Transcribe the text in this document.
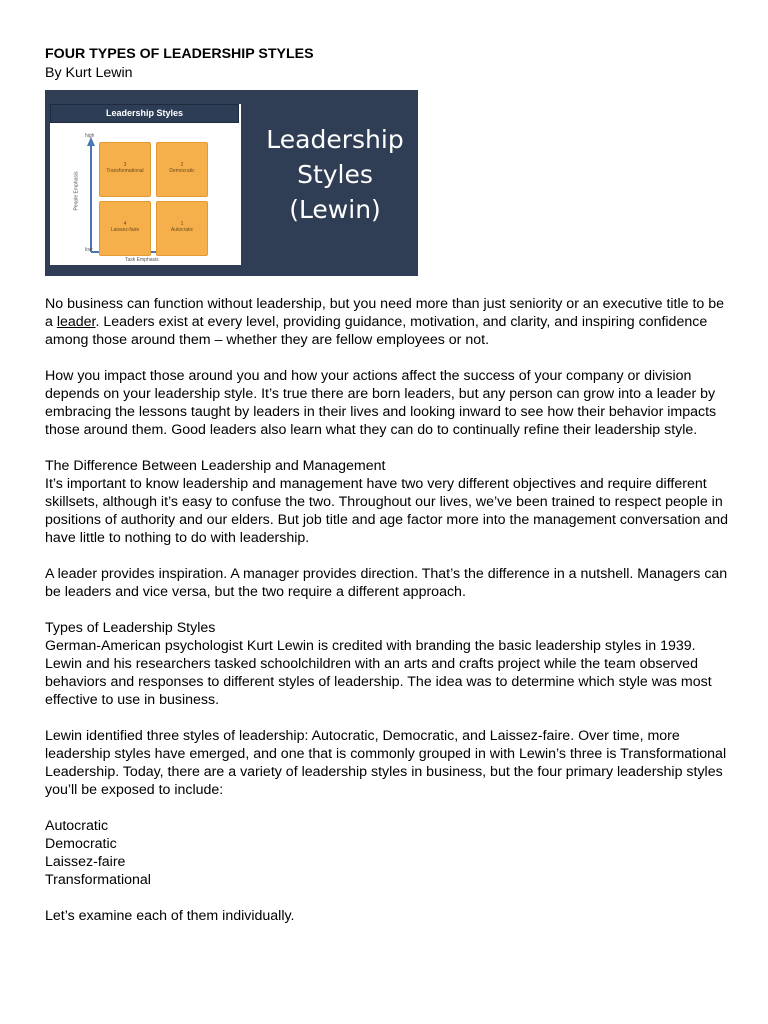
FOUR TYPES OF LEADERSHIP STYLES
By Kurt Lewin
Leadership Styles
high
low
Task Emphasis
People Emphasis
3
Transformational
2
Democratic
4
Laissez-faire
1
Autocratic
Leadership
Styles
(Lewin)

No business can function without leadership, but you need more than just seniority or an executive title to be a leader. Leaders exist at every level, providing guidance, motivation, and clarity, and inspiring confidence among those around them – whether they are fellow employees or not.

How you impact those around you and how your actions affect the success of your company or division depends on your leadership style. It’s true there are born leaders, but any person can grow into a leader by embracing the lessons taught by leaders in their lives and looking inward to see how their behavior impacts those around them. Good leaders also learn what they can do to continually refine their leadership style.

The Difference Between Leadership and Management

It’s important to know leadership and management have two very different objectives and require different skillsets, although it’s easy to confuse the two. Throughout our lives, we’ve been trained to respect people in positions of authority and our elders. But job title and age factor more into the management conversation and have little to nothing to do with leadership.

A leader provides inspiration. A manager provides direction. That’s the difference in a nutshell. Managers can be leaders and vice versa, but the two require a different approach.

Types of Leadership Styles

German-American psychologist Kurt Lewin is credited with branding the basic leadership styles in 1939. Lewin and his researchers tasked schoolchildren with an arts and crafts project while the team observed behaviors and responses to different styles of leadership. The idea was to determine which style was most effective to use in business.

Lewin identified three styles of leadership: Autocratic, Democratic, and Laissez-faire. Over time, more leadership styles have emerged, and one that is commonly grouped in with Lewin’s three is Transformational Leadership. Today, there are a variety of leadership styles in business, but the four primary leadership styles you’ll be exposed to include:

Autocratic
Democratic
Laissez-faire
Transformational

Let’s examine each of them individually.
